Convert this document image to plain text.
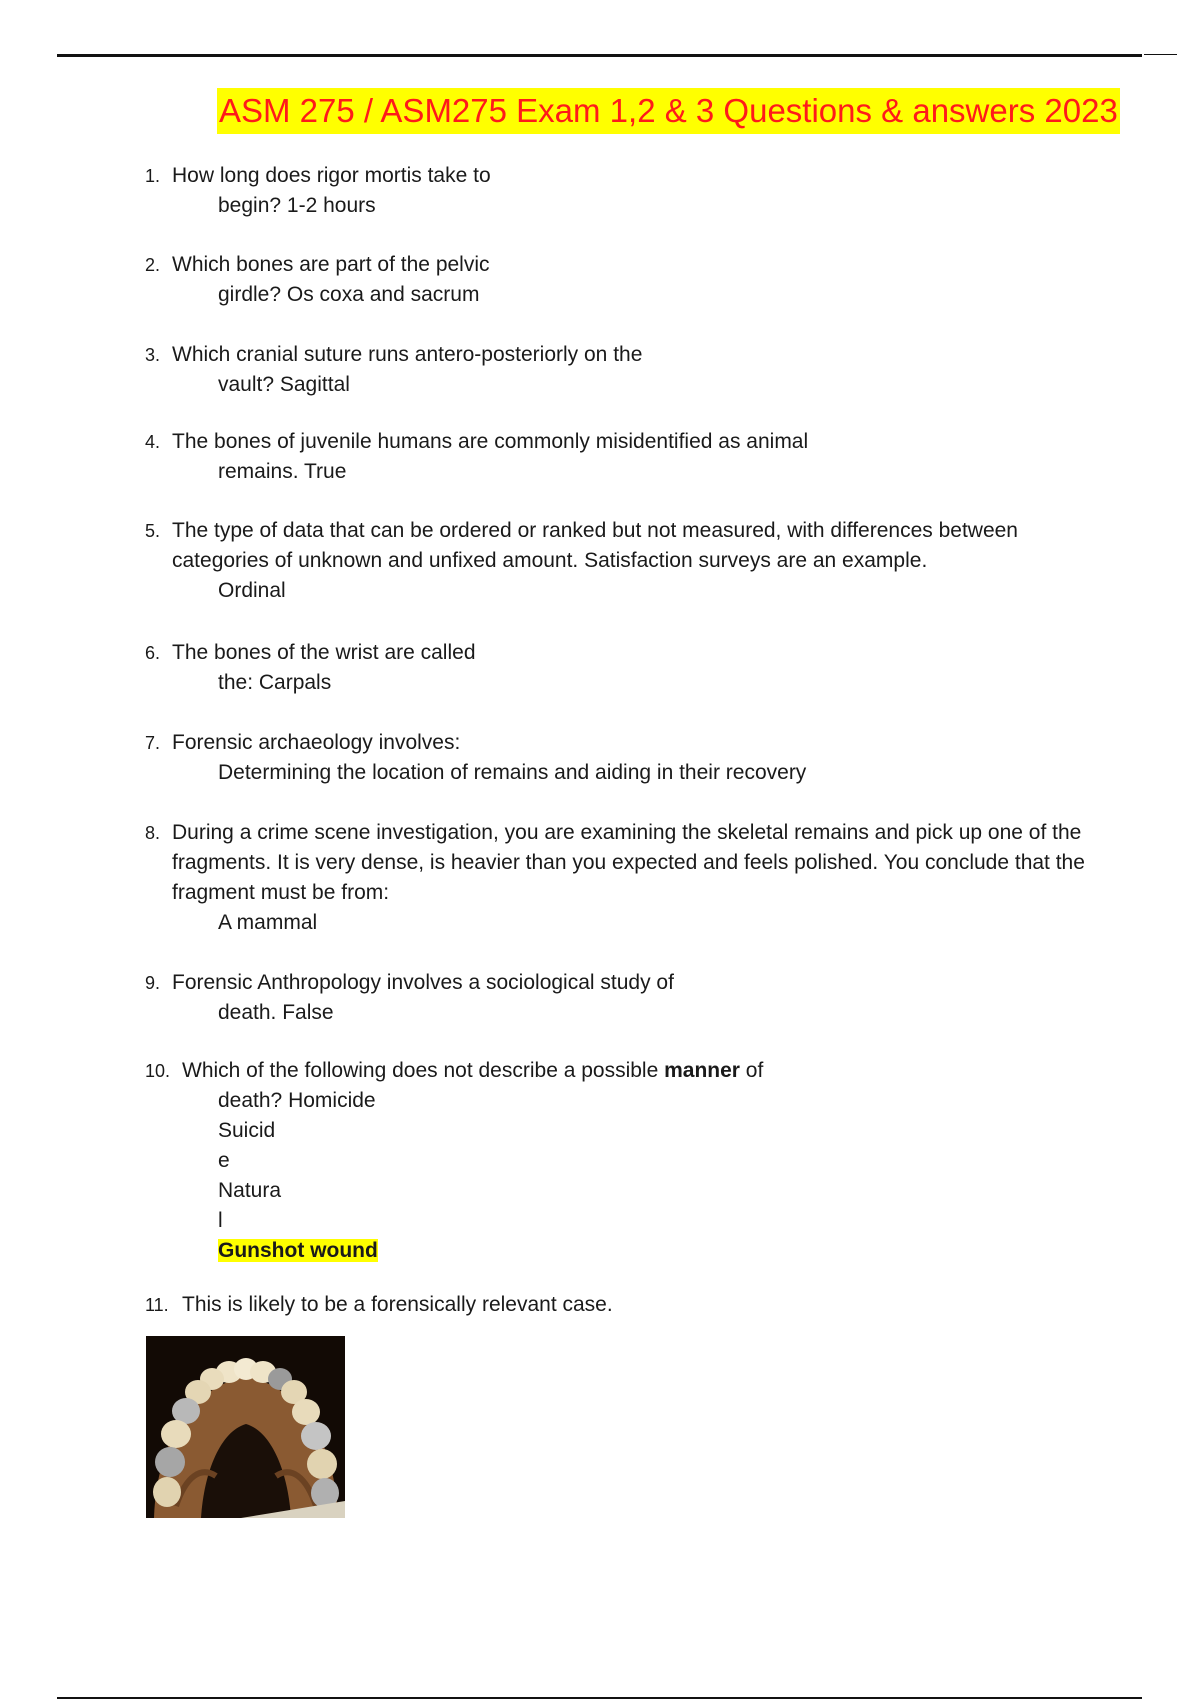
ASM 275 / ASM275 Exam 1,2 & 3 Questions & answers 2023
1. How long does rigor mortis take to
begin? 1-2 hours
2. Which bones are part of the pelvic
girdle? Os coxa and sacrum
3. Which cranial suture runs antero-posteriorly on the
vault? Sagittal
4. The bones of juvenile humans are commonly misidentified as animal
remains. True
5. The type of data that can be ordered or ranked but not measured, with differences between
categories of unknown and unfixed amount. Satisfaction surveys are an example.
Ordinal
6. The bones of the wrist are called
the: Carpals
7. Forensic archaeology involves:
Determining the location of remains and aiding in their recovery
8. During a crime scene investigation, you are examining the skeletal remains and pick up one of the
fragments. It is very dense, is heavier than you expected and feels polished. You conclude that the
fragment must be from:
A mammal
9. Forensic Anthropology involves a sociological study of
death. False
10. Which of the following does not describe a possible manner of
death? Homicide
Suicid
e
Natura
l
Gunshot wound
11. This is likely to be a forensically relevant case.
